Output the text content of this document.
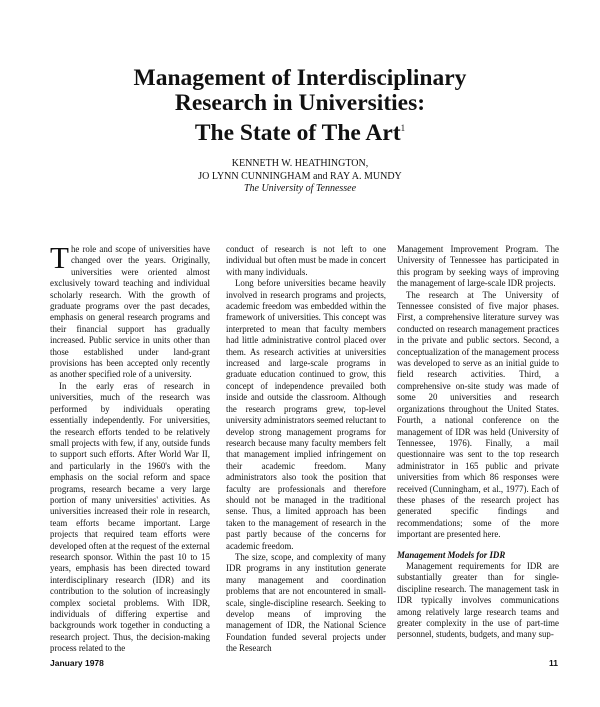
Management of Interdisciplinary
Research in Universities:
The State of The Art$^1$
KENNETH W. HEATHINGTON,
JO LYNN CUNNINGHAM and RAY A. MUNDY
The University of Tennessee
T he role and scope of universities have changed over the years. Originally, universities were oriented almost exclusively toward teaching and individual scholarly research. With the growth of graduate programs over the past decades, emphasis on general research programs and their financial support has gradually increased. Public service in units other than those established under land-grant provisions has been accepted only recently as another specified role of a university.

In the early eras of research in universities, much of the research was performed by individuals operating essentially independently. For universities, the research efforts tended to be relatively small projects with few, if any, outside funds to support such efforts. After World War II, and particularly in the 1960's with the emphasis on the social reform and space programs, research became a very large portion of many universities' activities. As universities increased their role in research, team efforts became important. Large projects that required team efforts were developed often at the request of the external research sponsor. Within the past 10 to 15 years, emphasis has been directed toward interdisciplinary research (IDR) and its contribution to the solution of increasingly complex societal problems. With IDR, individuals of differing expertise and backgrounds work together in conducting a research project. Thus, the decision-making process related to the

conduct of research is not left to one individual but often must be made in concert with many individuals.

Long before universities became heavily involved in research programs and projects, academic freedom was embedded within the framework of universities. This concept was interpreted to mean that faculty members had little administrative control placed over them. As research activities at universities increased and large-scale programs in graduate education continued to grow, this concept of independence prevailed both inside and outside the classroom. Although the research programs grew, top-level university administrators seemed reluctant to develop strong management programs for research because many faculty members felt that management implied infringement on their academic freedom. Many administrators also took the position that faculty are professionals and therefore should not be managed in the traditional sense. Thus, a limited approach has been taken to the management of research in the past partly because of the concerns for academic freedom.

The size, scope, and complexity of many IDR programs in any institution generate many management and coordination problems that are not encountered in small-scale, single-discipline research. Seeking to develop means of improving the management of IDR, the National Science Foundation funded several projects under the Research

Management Improvement Program. The University of Tennessee has participated in this program by seeking ways of improving the management of large-scale IDR projects.

The research at The University of Tennessee consisted of five major phases. First, a comprehensive literature survey was conducted on research management practices in the private and public sectors. Second, a conceptualization of the management process was developed to serve as an initial guide to field research activities. Third, a comprehensive on-site study was made of some 20 universities and research organizations throughout the United States. Fourth, a national conference on the management of IDR was held (University of Tennessee, 1976). Finally, a mail questionnaire was sent to the top research administrator in 165 public and private universities from which 86 responses were received (Cunningham, et al., 1977). Each of these phases of the research project has generated specific findings and recommendations; some of the more important are presented here.

Management Models for IDR

Management requirements for IDR are substantially greater than for single-discipline research. The management task in IDR typically involves communications among relatively large research teams and greater complexity in the use of part-time personnel, students, budgets, and many sup-

January 1978	11
